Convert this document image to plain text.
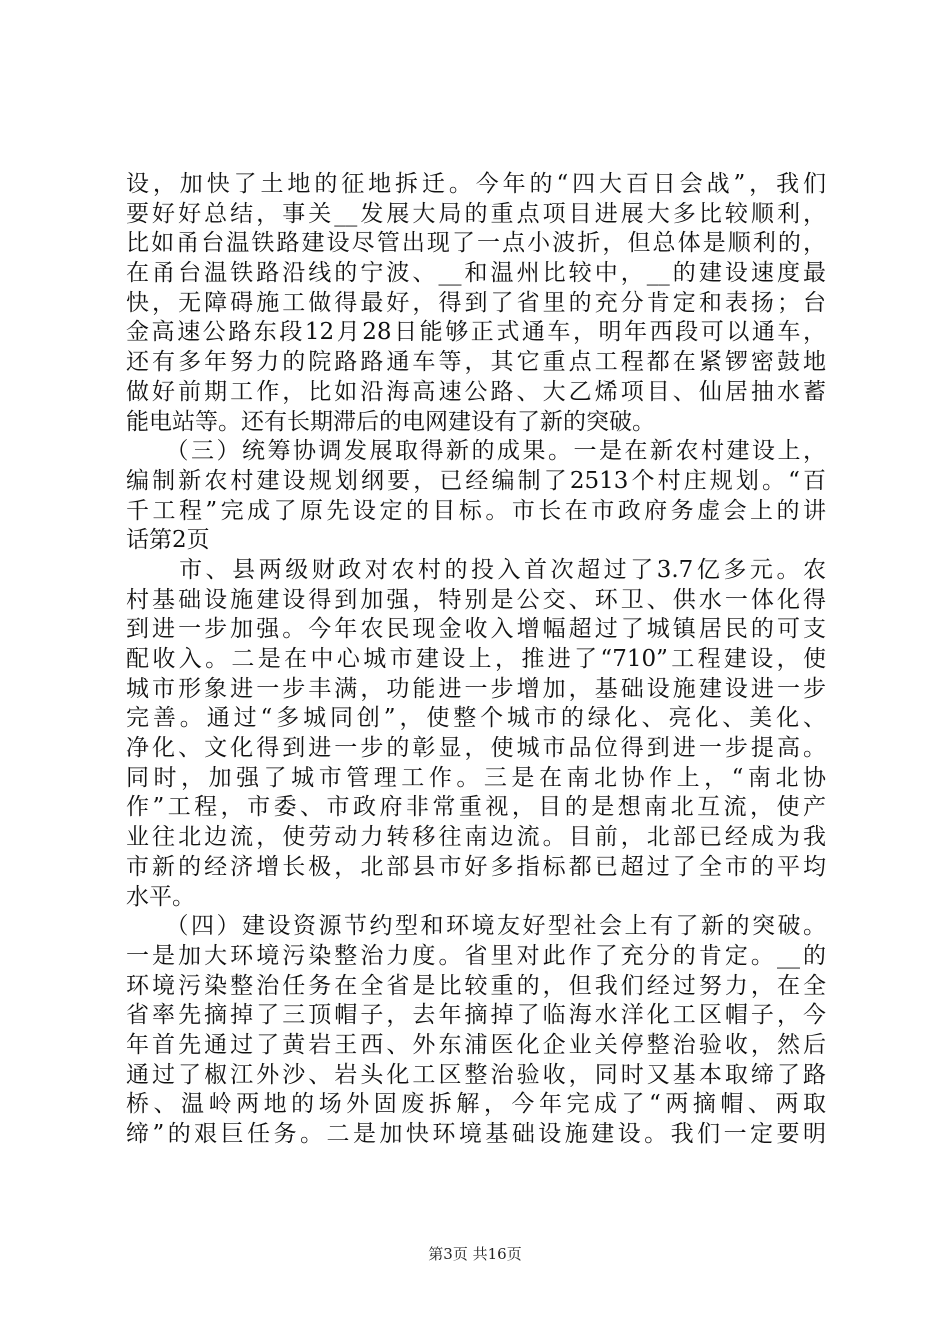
设，加快了土地的征地拆迁。今年的“四大百日会战”，我们
要好好总结，事关__发展大局的重点项目进展大多比较顺利，
比如甬台温铁路建设尽管出现了一点小波折，但总体是顺利的，
在甬台温铁路沿线的宁波、__和温州比较中，__的建设速度最
快，无障碍施工做得最好，得到了省里的充分肯定和表扬；台
金高速公路东段12月28日能够正式通车，明年西段可以通车，
还有多年努力的院路路通车等，其它重点工程都在紧锣密鼓地
做好前期工作，比如沿海高速公路、大乙烯项目、仙居抽水蓄
能电站等。还有长期滞后的电网建设有了新的突破。
　　（三）统筹协调发展取得新的成果。一是在新农村建设上，
编制新农村建设规划纲要，已经编制了2513个村庄规划。“百
千工程”完成了原先设定的目标。市长在市政府务虚会上的讲
话第2页
　　市、县两级财政对农村的投入首次超过了3.7亿多元。农
村基础设施建设得到加强，特别是公交、环卫、供水一体化得
到进一步加强。今年农民现金收入增幅超过了城镇居民的可支
配收入。二是在中心城市建设上，推进了“710”工程建设，使
城市形象进一步丰满，功能进一步增加，基础设施建设进一步
完善。通过“多城同创”，使整个城市的绿化、亮化、美化、
净化、文化得到进一步的彰显，使城市品位得到进一步提高。
同时，加强了城市管理工作。三是在南北协作上，“南北协
作”工程，市委、市政府非常重视，目的是想南北互流，使产
业往北边流，使劳动力转移往南边流。目前，北部已经成为我
市新的经济增长极，北部县市好多指标都已超过了全市的平均
水平。
　　（四）建设资源节约型和环境友好型社会上有了新的突破。
一是加大环境污染整治力度。省里对此作了充分的肯定。__的
环境污染整治任务在全省是比较重的，但我们经过努力，在全
省率先摘掉了三顶帽子，去年摘掉了临海水洋化工区帽子，今
年首先通过了黄岩王西、外东浦医化企业关停整治验收，然后
通过了椒江外沙、岩头化工区整治验收，同时又基本取缔了路
桥、温岭两地的场外固废拆解，今年完成了“两摘帽、两取
缔”的艰巨任务。二是加快环境基础设施建设。我们一定要明
第3页 共16页
